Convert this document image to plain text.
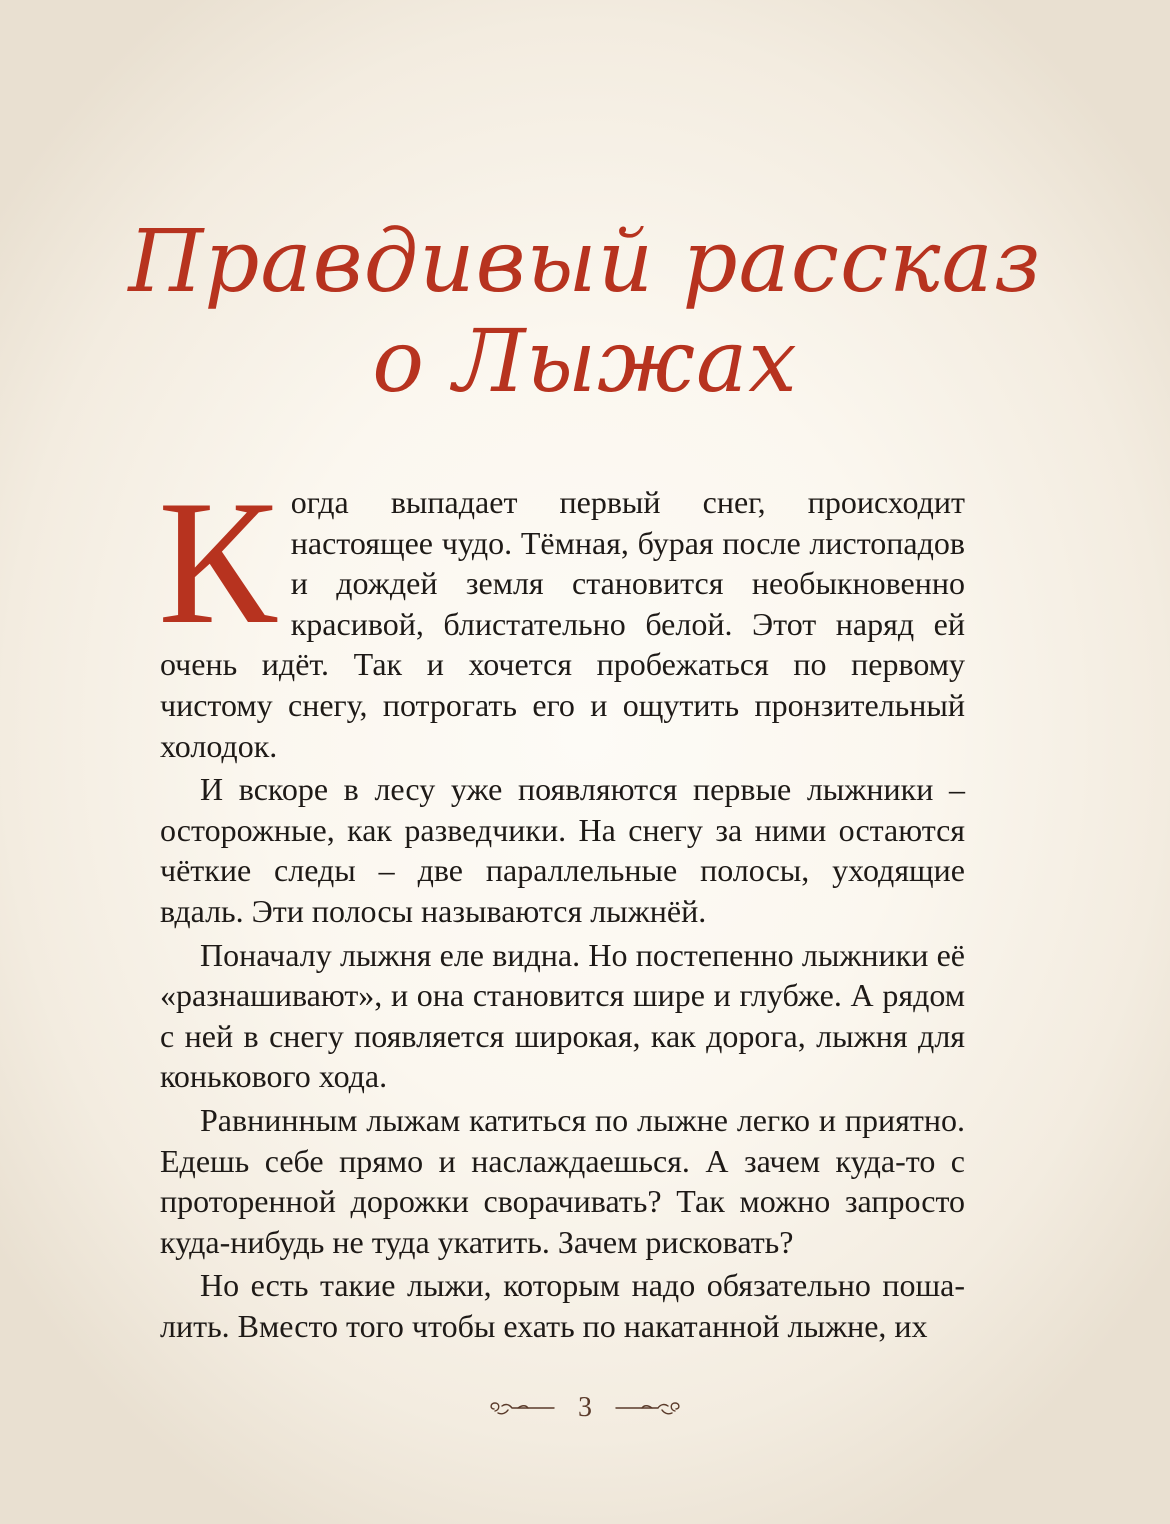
Правдивый рассказ
о Лыжах

Когда выпадает первый снег, происходит настоящее чудо. Тёмная, бурая после листопадов и дождей земля становится необыкновенно красивой, блистательно белой. Этот наряд ей очень идёт. Так и хочется пробежаться по первому чистому снегу, потрогать его и ощутить пронзительный холодок.

И вскоре в лесу уже появляются первые лыжники – осторожные, как разведчики. На снегу за ними остаются чёткие следы – две параллельные полосы, уходящие вдаль. Эти полосы называются лыжнёй.

Поначалу лыжня еле видна. Но постепенно лыжники её «разнашивают», и она становится шире и глубже. А рядом с ней в снегу появляется широкая, как дорога, лыжня для конькового хода.

Равнинным лыжам катиться по лыжне легко и приятно. Едешь себе прямо и наслаждаешься. А зачем куда-то с проторенной дорожки сворачивать? Так можно запросто куда-нибудь не туда укатить. Зачем рисковать?

Но есть такие лыжи, которым надо обязательно пошалить. Вместо того чтобы ехать по накатанной лыжне, их

3
